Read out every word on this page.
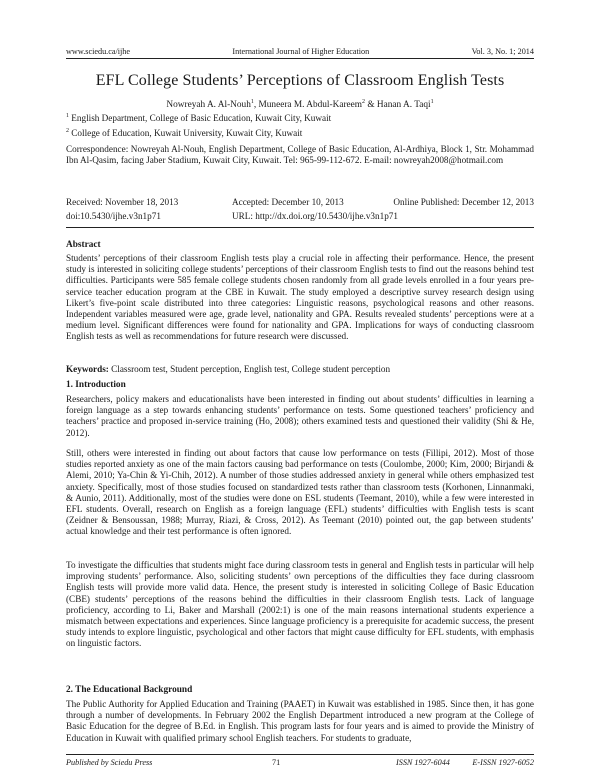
www.sciedu.ca/ijhe	International Journal of Higher Education	Vol. 3, No. 1; 2014
EFL College Students’ Perceptions of Classroom English Tests
Nowreyah A. Al-Nouh$^1$, Muneera M. Abdul-Kareem$^2$ & Hanan A. Taqi$^1$
$^1$ English Department, College of Basic Education, Kuwait City, Kuwait
$^2$ College of Education, Kuwait University, Kuwait City, Kuwait
Correspondence: Nowreyah Al-Nouh, English Department, College of Basic Education, Al-Ardhiya, Block 1, Str. Mohammad Ibn Al-Qasim, facing Jaber Stadium, Kuwait City, Kuwait. Tel: 965-99-112-672. E-mail: nowreyah2008@hotmail.com
Received: November 18, 2013	Accepted: December 10, 2013	Online Published: December 12, 2013
doi:10.5430/ijhe.v3n1p71	URL: http://dx.doi.org/10.5430/ijhe.v3n1p71
Abstract
Students’ perceptions of their classroom English tests play a crucial role in affecting their performance. Hence, the present study is interested in soliciting college students’ perceptions of their classroom English tests to find out the reasons behind test difficulties. Participants were 585 female college students chosen randomly from all grade levels enrolled in a four years pre-service teacher education program at the CBE in Kuwait. The study employed a descriptive survey research design using Likert’s five-point scale distributed into three categories: Linguistic reasons, psychological reasons and other reasons. Independent variables measured were age, grade level, nationality and GPA. Results revealed students’ perceptions were at a medium level. Significant differences were found for nationality and GPA. Implications for ways of conducting classroom English tests as well as recommendations for future research were discussed.
Keywords: Classroom test, Student perception, English test, College student perception
1. Introduction
Researchers, policy makers and educationalists have been interested in finding out about students’ difficulties in learning a foreign language as a step towards enhancing students’ performance on tests. Some questioned teachers’ proficiency and teachers’ practice and proposed in-service training (Ho, 2008); others examined tests and questioned their validity (Shi & He, 2012).
Still, others were interested in finding out about factors that cause low performance on tests (Fillipi, 2012). Most of those studies reported anxiety as one of the main factors causing bad performance on tests (Coulombe, 2000; Kim, 2000; Birjandi & Alemi, 2010; Ya-Chin & Yi-Chih, 2012). A number of those studies addressed anxiety in general while others emphasized test anxiety. Specifically, most of those studies focused on standardized tests rather than classroom tests (Korhonen, Linnanmaki, & Aunio, 2011). Additionally, most of the studies were done on ESL students (Teemant, 2010), while a few were interested in EFL students. Overall, research on English as a foreign language (EFL) students’ difficulties with English tests is scant (Zeidner & Bensoussan, 1988; Murray, Riazi, & Cross, 2012). As Teemant (2010) pointed out, the gap between students’ actual knowledge and their test performance is often ignored.
To investigate the difficulties that students might face during classroom tests in general and English tests in particular will help improving students’ performance. Also, soliciting students’ own perceptions of the difficulties they face during classroom English tests will provide more valid data. Hence, the present study is interested in soliciting College of Basic Education (CBE) students’ perceptions of the reasons behind the difficulties in their classroom English tests. Lack of language proficiency, according to Li, Baker and Marshall (2002:1) is one of the main reasons international students experience a mismatch between expectations and experiences. Since language proficiency is a prerequisite for academic success, the present study intends to explore linguistic, psychological and other factors that might cause difficulty for EFL students, with emphasis on linguistic factors.
2. The Educational Background
The Public Authority for Applied Education and Training (PAAET) in Kuwait was established in 1985. Since then, it has gone through a number of developments. In February 2002 the English Department introduced a new program at the College of Basic Education for the degree of B.Ed. in English. This program lasts for four years and is aimed to provide the Ministry of Education in Kuwait with qualified primary school English teachers. For students to graduate,
Published by Sciedu Press	71	ISSN 1927-6044	E-ISSN 1927-6052
